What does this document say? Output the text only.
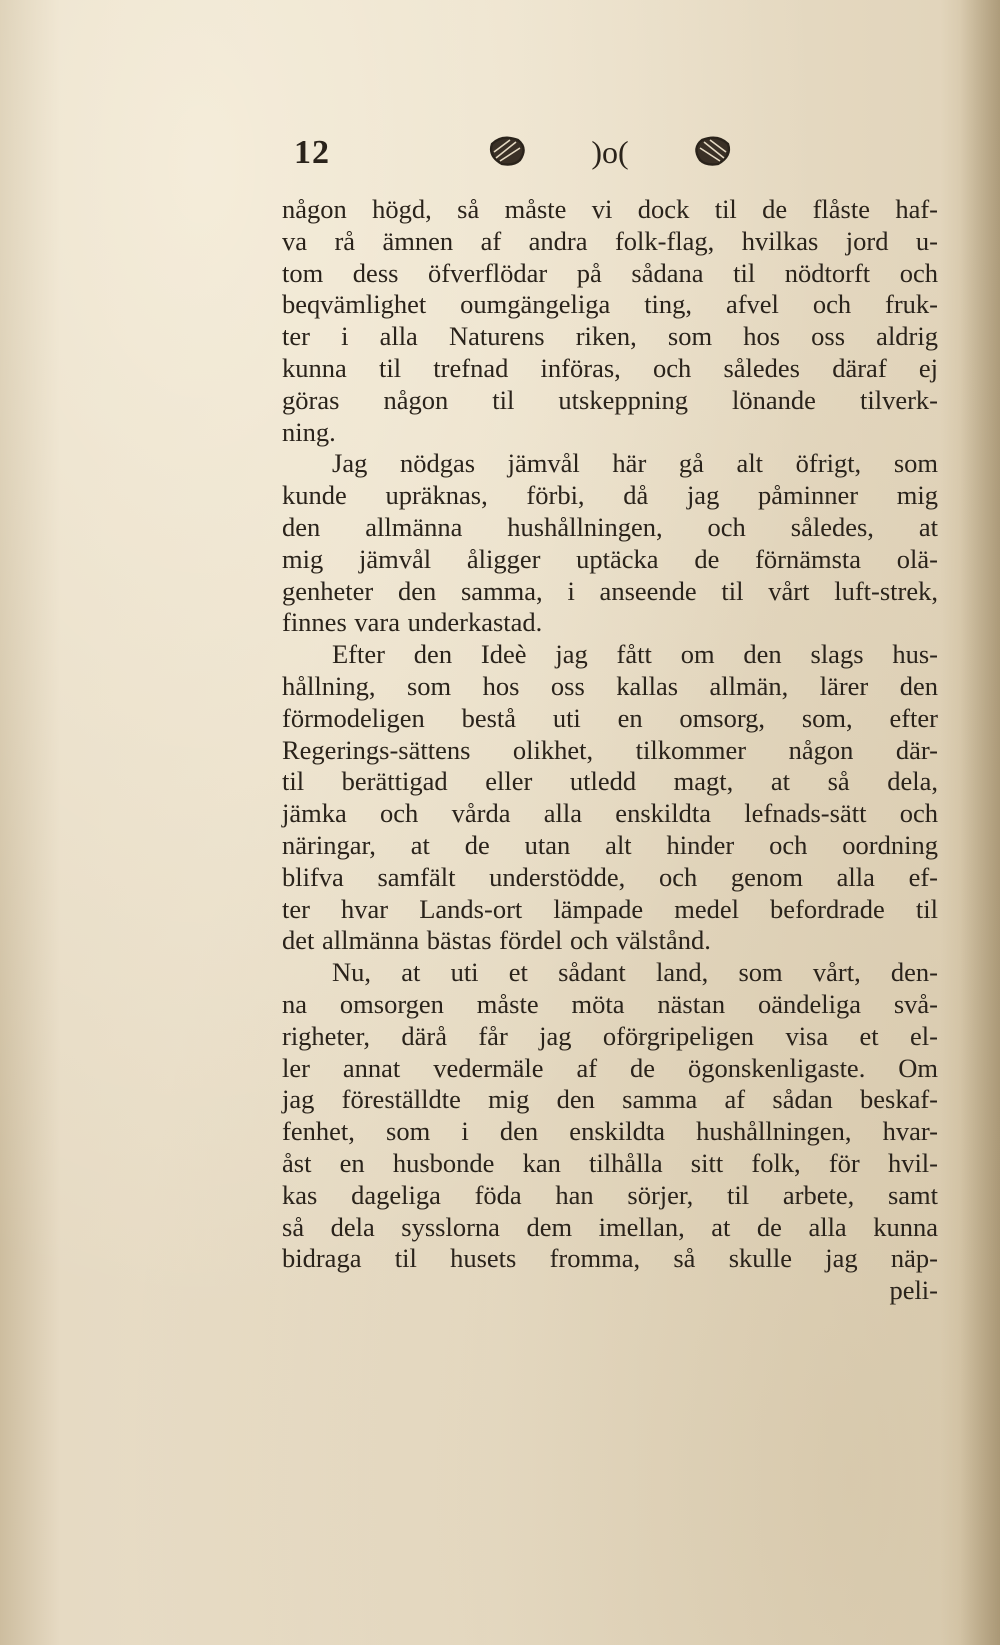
12	)o(
någon högd, så måste vi dock til de flåste haf-
va rå ämnen af andra folk-flag, hvilkas jord u-
tom dess öfverflödar på sådana til nödtorft och
beqvämlighet oumgängeliga ting, afvel och fruk-
ter i alla Naturens riken, som hos oss aldrig
kunna til trefnad införas, och således däraf ej
göras någon til utskeppning lönande tilverk-
ning.
Jag nödgas jämvål här gå alt öfrigt, som
kunde upräknas, förbi, då jag påminner mig
den allmänna hushållningen, och således, at
mig jämvål åligger uptäcka de förnämsta olä-
genheter den samma, i anseende til vårt luft-strek,
finnes vara underkastad.
Efter den Ideè jag fått om den slags hus-
hållning, som hos oss kallas allmän, lärer den
förmodeligen bestå uti en omsorg, som, efter
Regerings-sättens olikhet, tilkommer någon där-
til berättigad eller utledd magt, at så dela,
jämka och vårda alla enskildta lefnads-sätt och
näringar, at de utan alt hinder och oordning
blifva samfält understödde, och genom alla ef-
ter hvar Lands-ort lämpade medel befordrade til
det allmänna bästas fördel och välstånd.
Nu, at uti et sådant land, som vårt, den-
na omsorgen måste möta nästan oändeliga svå-
righeter, därå får jag oförgripeligen visa et el-
ler annat vedermäle af de ögonskenligaste. Om
jag föreställdte mig den samma af sådan beskaf-
fenhet, som i den enskildta hushållningen, hvar-
åst en husbonde kan tilhålla sitt folk, för hvil-
kas dageliga föda han sörjer, til arbete, samt
så dela sysslorna dem imellan, at de alla kunna
bidraga til husets fromma, så skulle jag näp-
peli-
